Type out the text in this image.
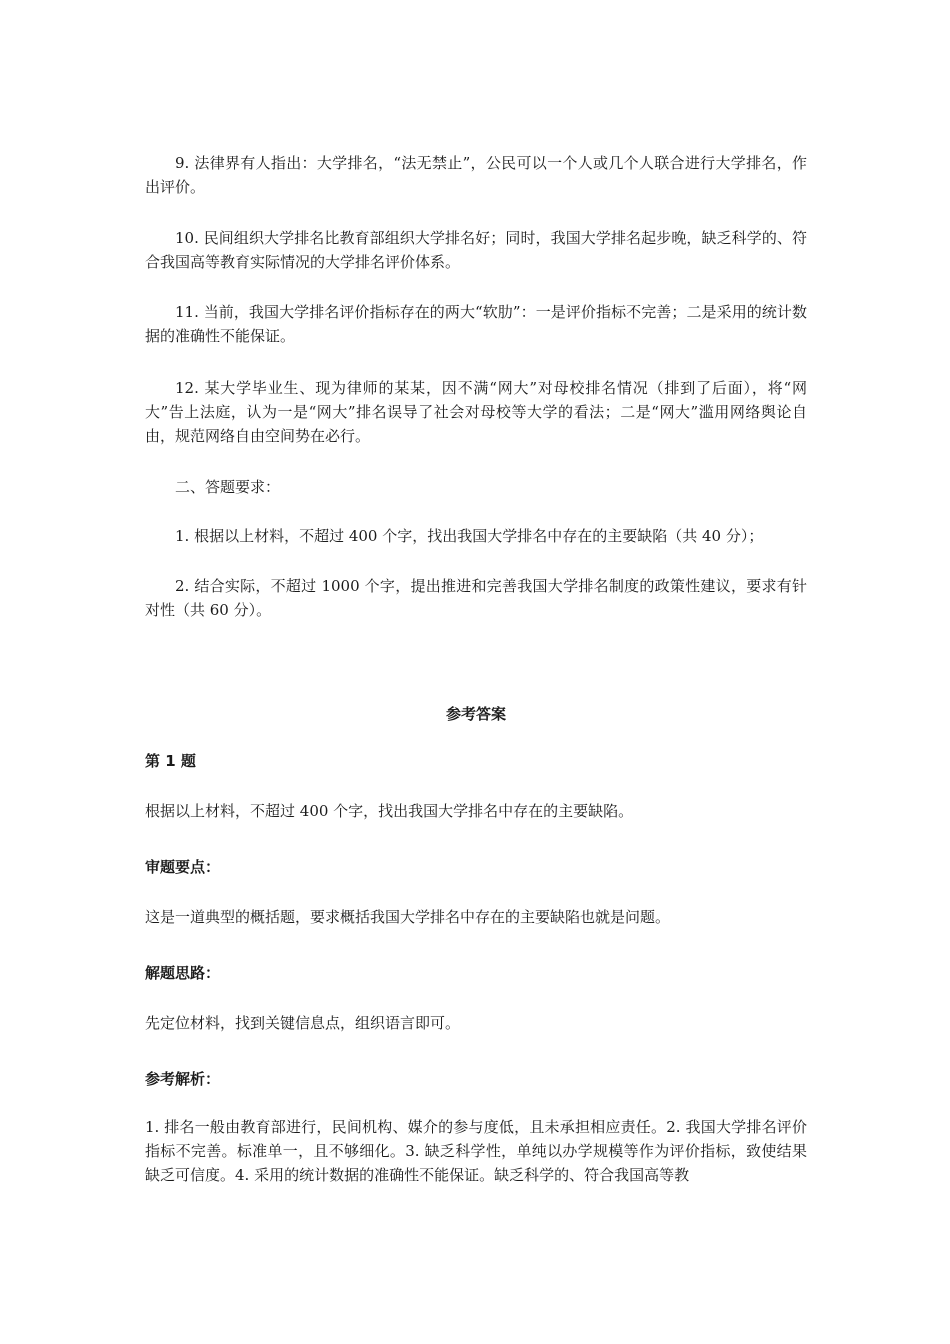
9. 法律界有人指出：大学排名，“法无禁止”，公民可以一个人或几个人联合进行大学排名，作出评价。

10. 民间组织大学排名比教育部组织大学排名好；同时，我国大学排名起步晚，缺乏科学的、符合我国高等教育实际情况的大学排名评价体系。

11. 当前，我国大学排名评价指标存在的两大“软肋”：一是评价指标不完善；二是采用的统计数据的准确性不能保证。

12. 某大学毕业生、现为律师的某某，因不满“网大”对母校排名情况（排到了后面），将“网大”告上法庭，认为一是“网大”排名误导了社会对母校等大学的看法；二是“网大”滥用网络舆论自由，规范网络自由空间势在必行。

二、答题要求：

1. 根据以上材料，不超过 400 个字，找出我国大学排名中存在的主要缺陷（共 40 分）；

2. 结合实际，不超过 1000 个字，提出推进和完善我国大学排名制度的政策性建议，要求有针对性（共 60 分）。

参考答案

第 1 题

根据以上材料，不超过 400 个字，找出我国大学排名中存在的主要缺陷。

审题要点：

这是一道典型的概括题，要求概括我国大学排名中存在的主要缺陷也就是问题。

解题思路：

先定位材料，找到关键信息点，组织语言即可。

参考解析：

1. 排名一般由教育部进行，民间机构、媒介的参与度低，且未承担相应责任。2. 我国大学排名评价指标不完善。标准单一，且不够细化。3. 缺乏科学性，单纯以办学规模等作为评价指标，致使结果缺乏可信度。4. 采用的统计数据的准确性不能保证。缺乏科学的、符合我国高等教
